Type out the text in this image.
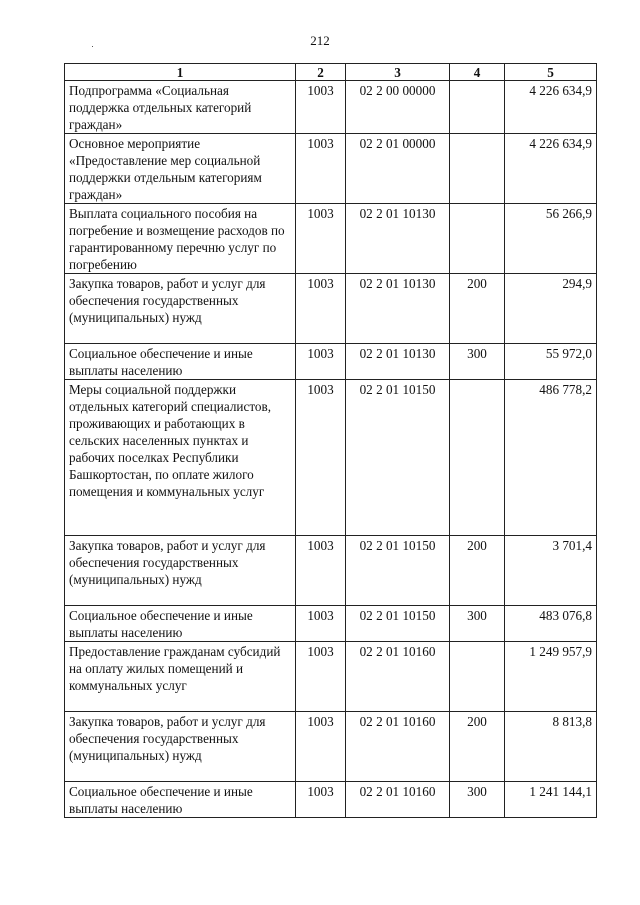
212
1	2	3	4	5
Подпрограмма «Социальная поддержка отдельных категорий граждан»	1003	02 2 00 00000		4 226 634,9
Основное мероприятие «Предоставление мер социальной поддержки отдельным категориям граждан»	1003	02 2 01 00000		4 226 634,9
Выплата социального пособия на погребение и возмещение расходов по гарантированному перечню услуг по погребению	1003	02 2 01 10130		56 266,9
Закупка товаров, работ и услуг для обеспечения государственных (муниципальных) нужд	1003	02 2 01 10130	200	294,9
Социальное обеспечение и иные выплаты населению	1003	02 2 01 10130	300	55 972,0
Меры социальной поддержки отдельных категорий специалистов, проживающих и работающих в сельских населенных пунктах и рабочих поселках Республики Башкортостан, по оплате жилого помещения и коммунальных услуг	1003	02 2 01 10150		486 778,2
Закупка товаров, работ и услуг для обеспечения государственных (муниципальных) нужд	1003	02 2 01 10150	200	3 701,4
Социальное обеспечение и иные выплаты населению	1003	02 2 01 10150	300	483 076,8
Предоставление гражданам субсидий на оплату жилых помещений и коммунальных услуг	1003	02 2 01 10160		1 249 957,9
Закупка товаров, работ и услуг для обеспечения государственных (муниципальных) нужд	1003	02 2 01 10160	200	8 813,8
Социальное обеспечение и иные выплаты населению	1003	02 2 01 10160	300	1 241 144,1
